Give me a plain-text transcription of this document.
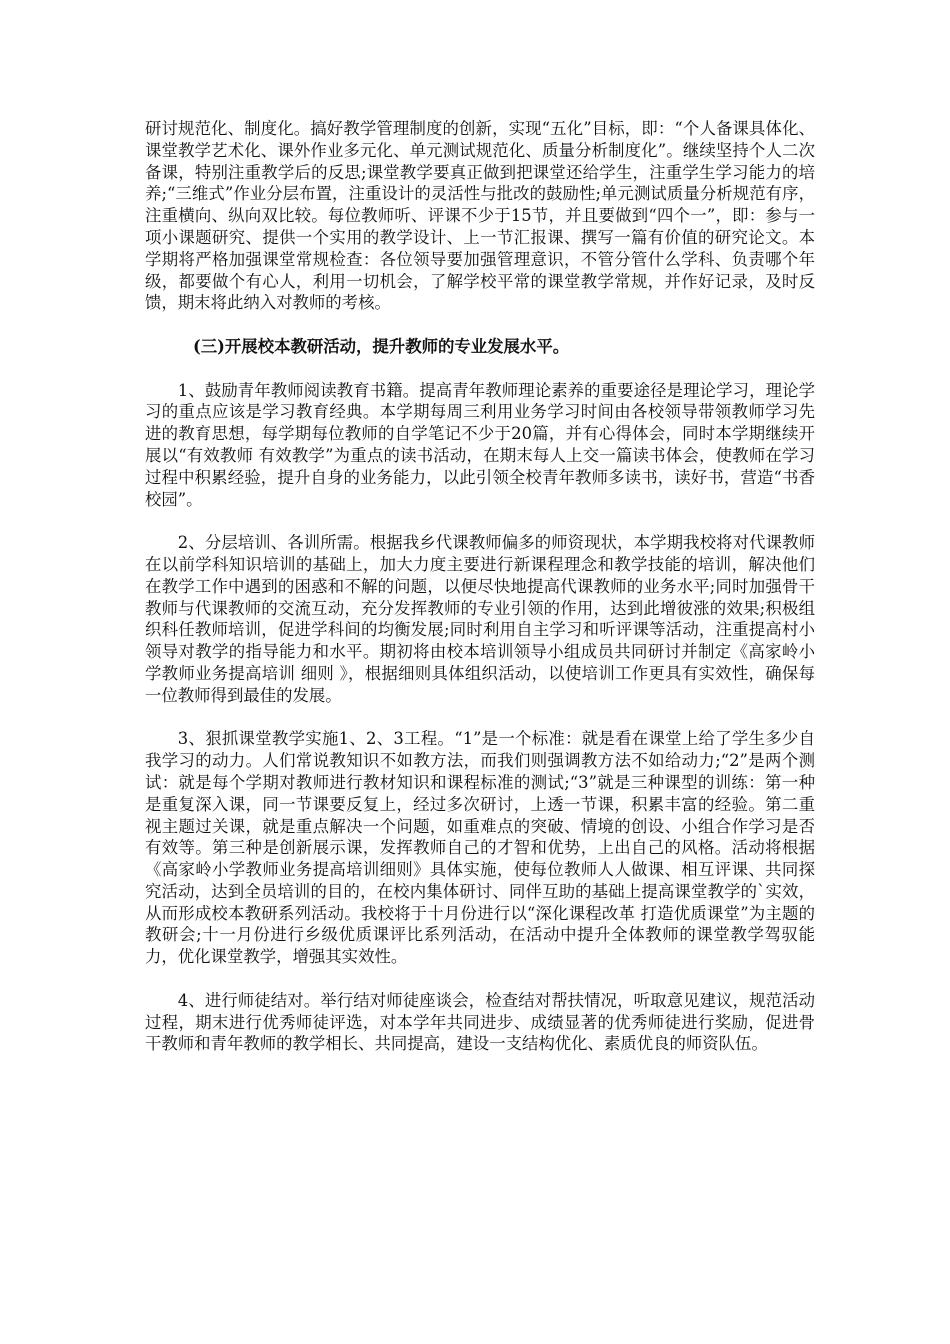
研讨规范化、制度化。搞好教学管理制度的创新，实现“五化”目标，即：“个人备课具体化、课堂教学艺术化、课外作业多元化、单元测试规范化、质量分析制度化”。继续坚持个人二次备课，特别注重教学后的反思;课堂教学要真正做到把课堂还给学生，注重学生学习能力的培养;“三维式”作业分层布置，注重设计的灵活性与批改的鼓励性;单元测试质量分析规范有序，注重横向、纵向双比较。每位教师听、评课不少于15节，并且要做到“四个一”，即：参与一项小课题研究、提供一个实用的教学设计、上一节汇报课、撰写一篇有价值的研究论文。本学期将严格加强课堂常规检查：各位领导要加强管理意识，不管分管什么学科、负责哪个年级，都要做个有心人，利用一切机会，了解学校平常的课堂教学常规，并作好记录，及时反馈，期末将此纳入对教师的考核。

(三)开展校本教研活动，提升教师的专业发展水平。

1、鼓励青年教师阅读教育书籍。提高青年教师理论素养的重要途径是理论学习，理论学习的重点应该是学习教育经典。本学期每周三利用业务学习时间由各校领导带领教师学习先进的教育思想，每学期每位教师的自学笔记不少于20篇，并有心得体会，同时本学期继续开展以“有效教师 有效教学”为重点的读书活动，在期末每人上交一篇读书体会，使教师在学习过程中积累经验，提升自身的业务能力，以此引领全校青年教师多读书，读好书，营造“书香校园”。

2、分层培训、各训所需。根据我乡代课教师偏多的师资现状，本学期我校将对代课教师在以前学科知识培训的基础上，加大力度主要进行新课程理念和教学技能的培训，解决他们在教学工作中遇到的困惑和不解的问题，以便尽快地提高代课教师的业务水平;同时加强骨干教师与代课教师的交流互动，充分发挥教师的专业引领的作用，达到此增彼涨的效果;积极组织科任教师培训，促进学科间的均衡发展;同时利用自主学习和听评课等活动，注重提高村小领导对教学的指导能力和水平。期初将由校本培训领导小组成员共同研讨并制定《高家岭小学教师业务提高培训 细则 》，根据细则具体组织活动，以使培训工作更具有实效性，确保每一位教师得到最佳的发展。

3、狠抓课堂教学实施1、2、3工程。“1”是一个标准：就是看在课堂上给了学生多少自我学习的动力。人们常说教知识不如教方法，而我们则强调教方法不如给动力;“2”是两个测试：就是每个学期对教师进行教材知识和课程标准的测试;“3”就是三种课型的训练：第一种是重复深入课，同一节课要反复上，经过多次研讨，上透一节课，积累丰富的经验。第二重视主题过关课，就是重点解决一个问题，如重难点的突破、情境的创设、小组合作学习是否有效等。第三种是创新展示课，发挥教师自己的才智和优势，上出自己的风格。活动将根据《高家岭小学教师业务提高培训细则》具体实施，使每位教师人人做课、相互评课、共同探究活动，达到全员培训的目的，在校内集体研讨、同伴互助的基础上提高课堂教学的`实效，从而形成校本教研系列活动。我校将于十月份进行以“深化课程改革 打造优质课堂”为主题的教研会;十一月份进行乡级优质课评比系列活动，在活动中提升全体教师的课堂教学驾驭能力，优化课堂教学，增强其实效性。

4、进行师徒结对。举行结对师徒座谈会，检查结对帮扶情况，听取意见建议，规范活动过程，期末进行优秀师徒评选，对本学年共同进步、成绩显著的优秀师徒进行奖励，促进骨干教师和青年教师的教学相长、共同提高，建设一支结构优化、素质优良的师资队伍。
